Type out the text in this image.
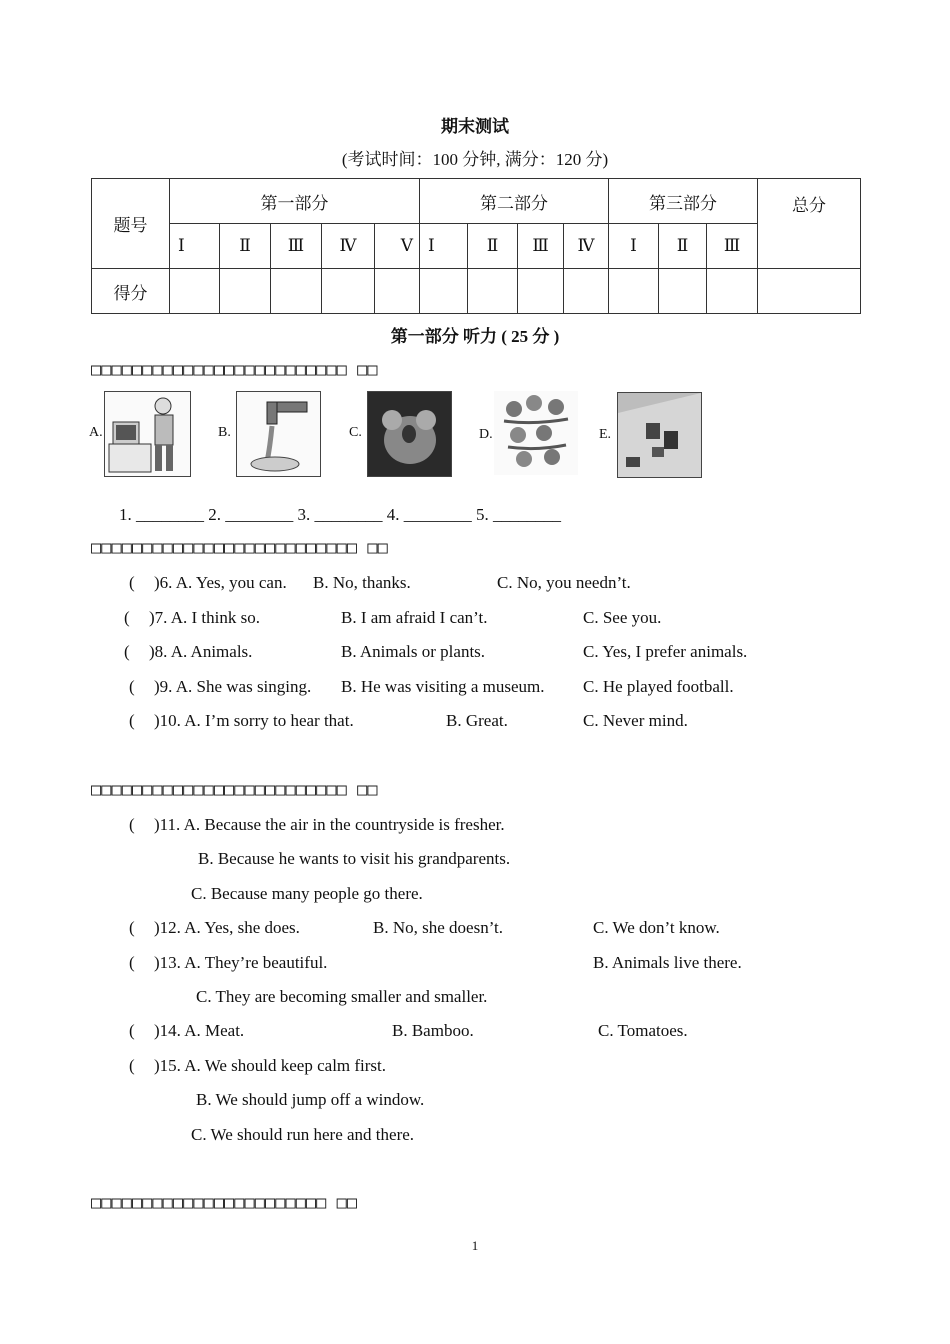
期末测试
(考试时间：100 分钟, 满分：120 分)
题号	第一部分					第二部分				第三部分			总分
	Ⅰ	Ⅱ	Ⅲ	Ⅳ	Ⅴ	Ⅰ	Ⅱ	Ⅲ	Ⅳ	Ⅰ	Ⅱ	Ⅲ	
得分													
第一部分 听力 ( 25 分 )
□□□□□□□□□□□□□□□□□□□□□□□□□ □□
A.	B.	C.	D.	E.
1. ________ 2. ________ 3. ________ 4. ________ 5. ________
□□□□□□□□□□□□□□□□□□□□□□□□□□ □□
( )6. A. Yes, you can. B. No, thanks.	C. No, you needn’t.
( )7. A. I think so.	B. I am afraid I can’t.	C. See you.
( )8. A. Animals.	B. Animals or plants.	C. Yes, I prefer animals.
( )9. A. She was singing. B. He was visiting a museum. C. He played football.
( )10. A. I’m sorry to hear that.	B. Great.	C. Never mind.
□□□□□□□□□□□□□□□□□□□□□□□□□ □□
( )11. A. Because the air in the countryside is fresher.
B. Because he wants to visit his grandparents.
C. Because many people go there.
( )12. A. Yes, she does.	B. No, she doesn’t.	C. We don’t know.
( )13. A. They’re beautiful.	B. Animals live there.
C. They are becoming smaller and smaller.
( )14. A. Meat.	B. Bamboo.	C. Tomatoes.
( )15. A. We should keep calm first.
B. We should jump off a window.
C. We should run here and there.
□□□□□□□□□□□□□□□□□□□□□□□ □□
1
